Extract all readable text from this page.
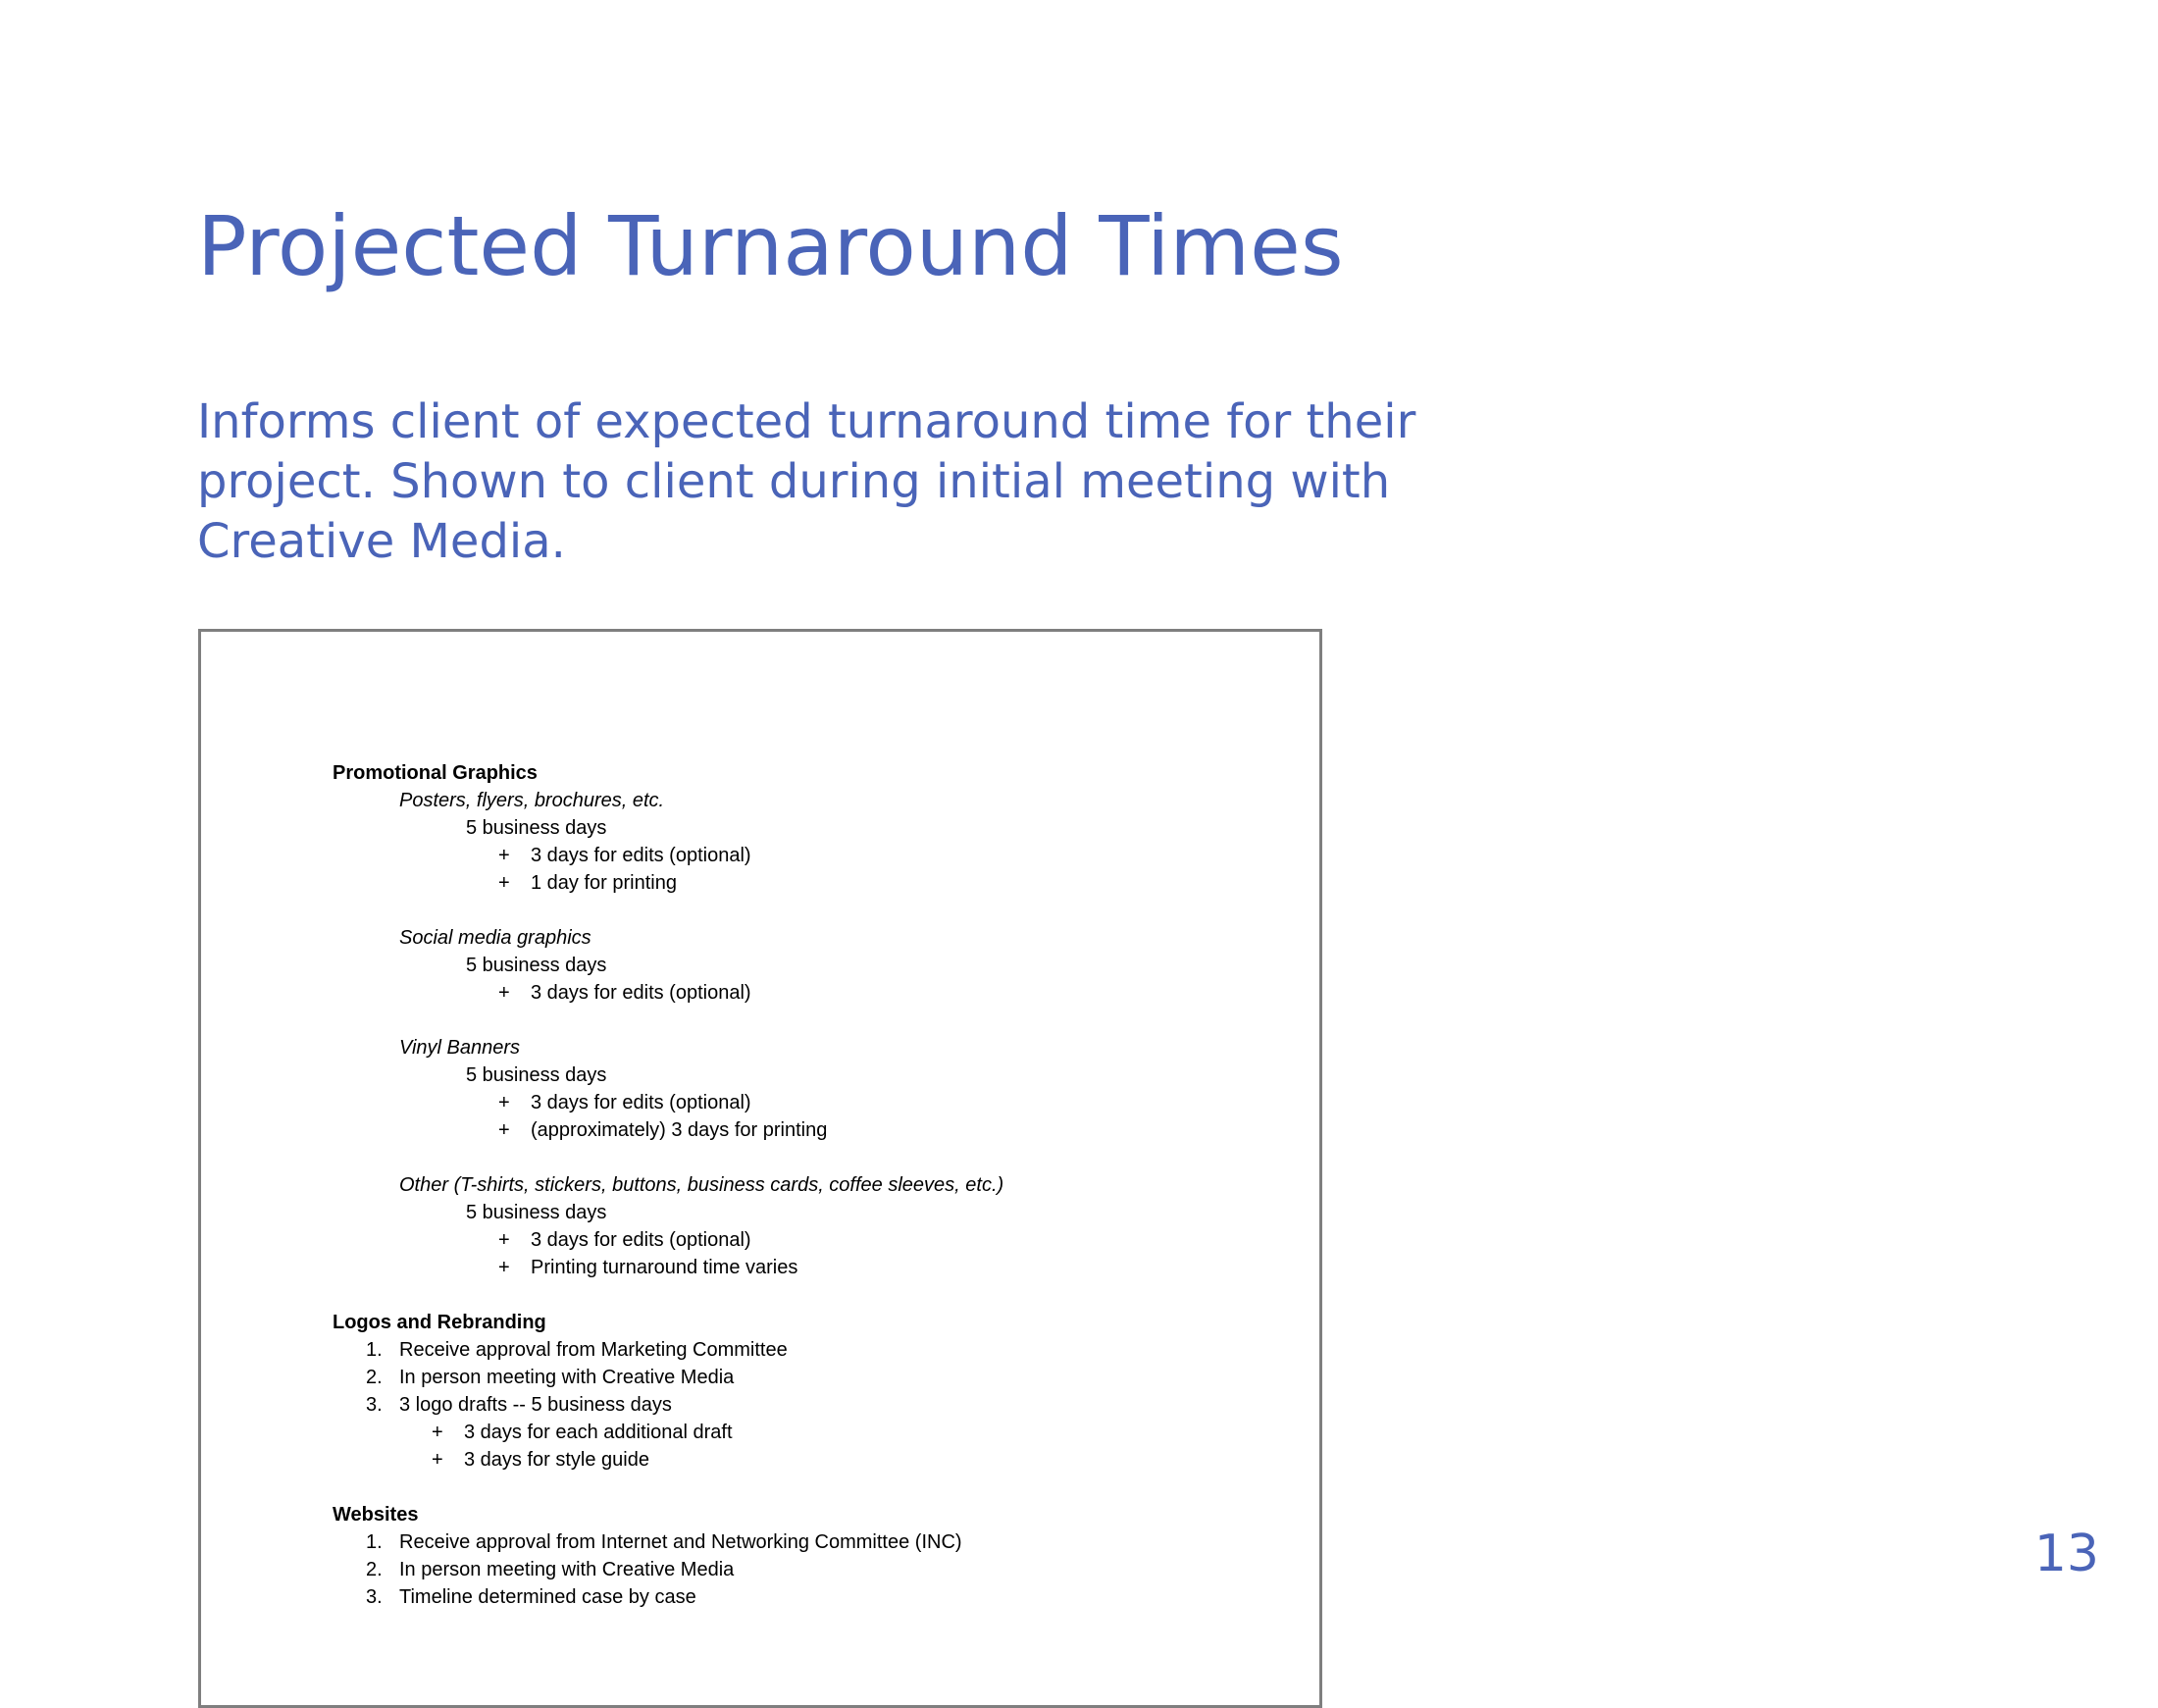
Projected Turnaround Times
Informs client of expected turnaround time for their
project. Shown to client during initial meeting with
Creative Media.
Promotional Graphics
Posters, flyers, brochures, etc.
5 business days
+ 3 days for edits (optional)
+ 1 day for printing
Social media graphics
5 business days
+ 3 days for edits (optional)
Vinyl Banners
5 business days
+ 3 days for edits (optional)
+ (approximately) 3 days for printing
Other (T-shirts, stickers, buttons, business cards, coffee sleeves, etc.)
5 business days
+ 3 days for edits (optional)
+ Printing turnaround time varies
Logos and Rebranding
1. Receive approval from Marketing Committee
2. In person meeting with Creative Media
3. 3 logo drafts -- 5 business days
+ 3 days for each additional draft
+ 3 days for style guide
Websites
1. Receive approval from Internet and Networking Committee (INC)
2. In person meeting with Creative Media
3. Timeline determined case by case
13
